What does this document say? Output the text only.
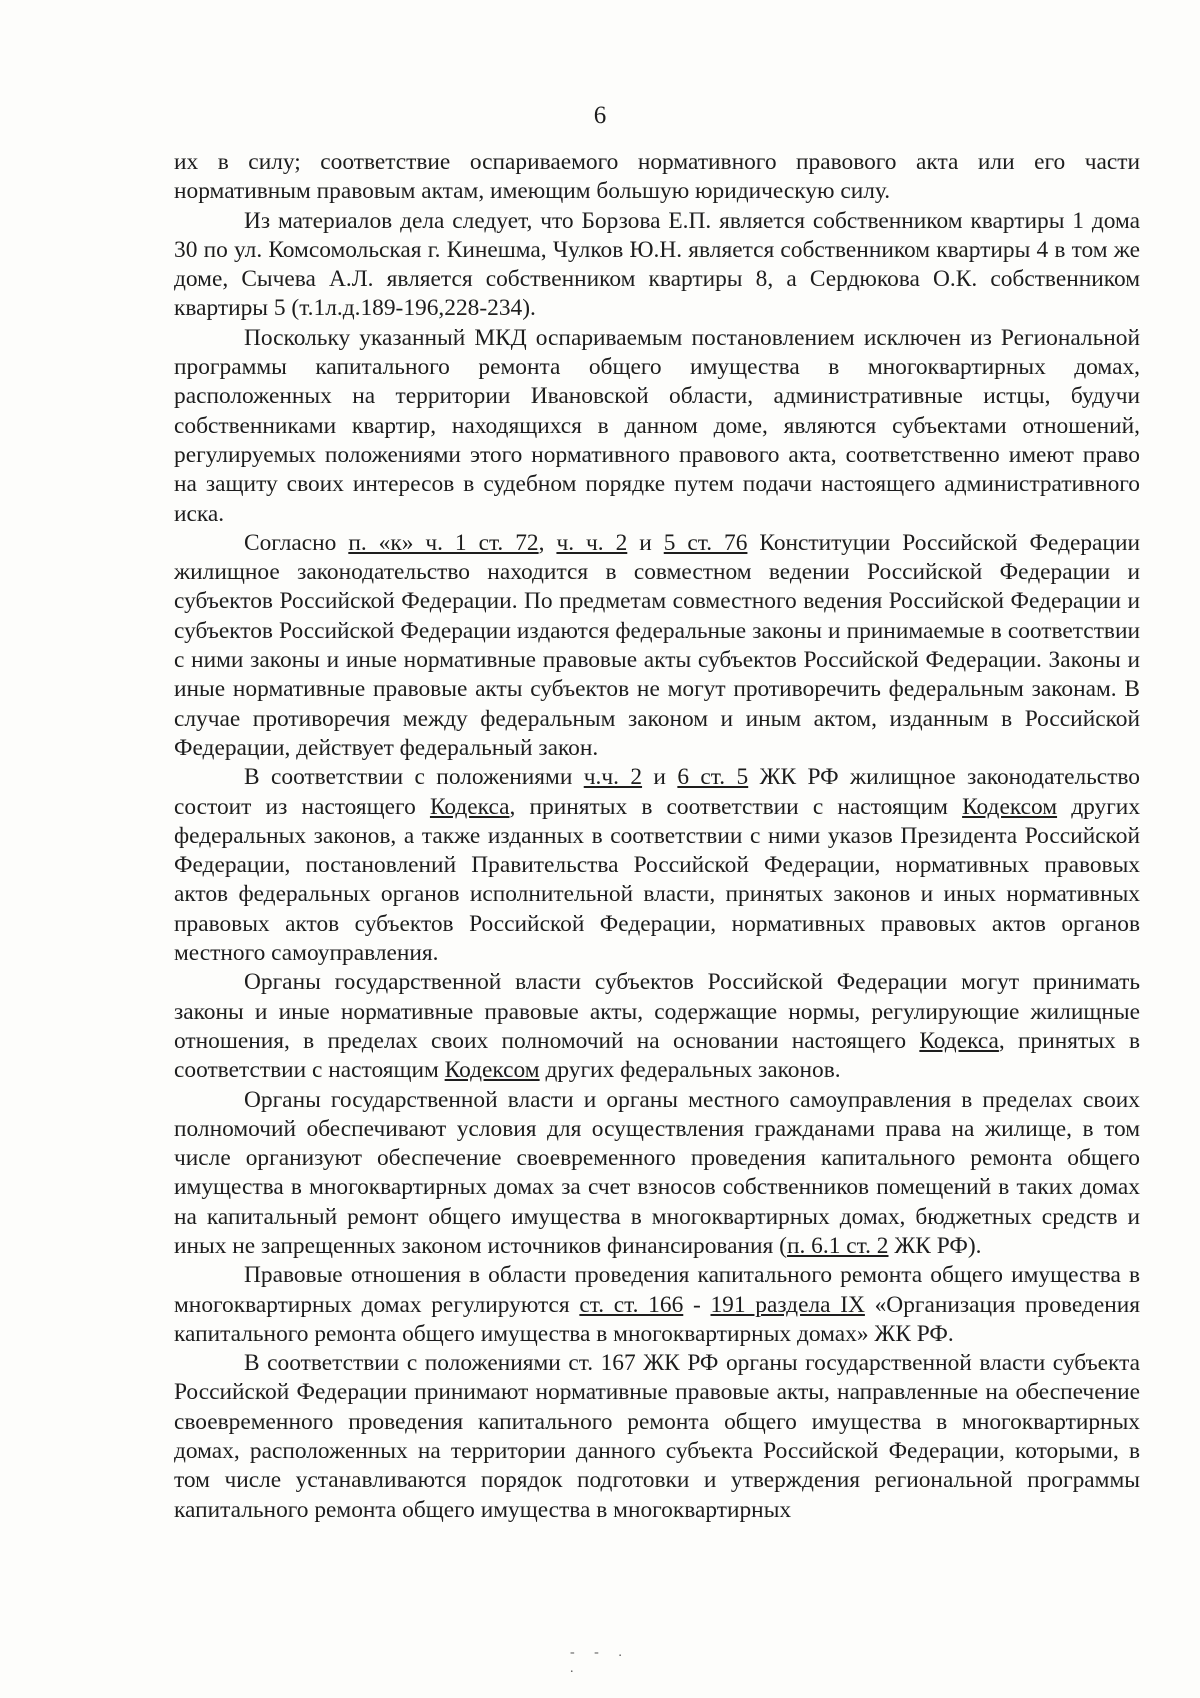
6

их в силу; соответствие оспариваемого нормативного правового акта или его части нормативным правовым актам, имеющим большую юридическую силу.

Из материалов дела следует, что Борзова Е.П. является собственником квартиры 1 дома 30 по ул. Комсомольская г. Кинешма, Чулков Ю.Н. является собственником квартиры 4 в том же доме, Сычева А.Л. является собственником квартиры 8, а Сердюкова О.К. собственником квартиры 5 (т.1л.д.189-196,228-234).

Поскольку указанный МКД оспариваемым постановлением исключен из Региональной программы капитального ремонта общего имущества в многоквартирных домах, расположенных на территории Ивановской области, административные истцы, будучи собственниками квартир, находящихся в данном доме, являются субъектами отношений, регулируемых положениями этого нормативного правового акта, соответственно имеют право на защиту своих интересов в судебном порядке путем подачи настоящего административного иска.

Согласно п. «к» ч. 1 ст. 72, ч. ч. 2 и 5 ст. 76 Конституции Российской Федерации жилищное законодательство находится в совместном ведении Российской Федерации и субъектов Российской Федерации. По предметам совместного ведения Российской Федерации и субъектов Российской Федерации издаются федеральные законы и принимаемые в соответствии с ними законы и иные нормативные правовые акты субъектов Российской Федерации. Законы и иные нормативные правовые акты субъектов не могут противоречить федеральным законам. В случае противоречия между федеральным законом и иным актом, изданным в Российской Федерации, действует федеральный закон.

В соответствии с положениями ч.ч. 2 и 6 ст. 5 ЖК РФ жилищное законодательство состоит из настоящего Кодекса, принятых в соответствии с настоящим Кодексом других федеральных законов, а также изданных в соответствии с ними указов Президента Российской Федерации, постановлений Правительства Российской Федерации, нормативных правовых актов федеральных органов исполнительной власти, принятых законов и иных нормативных правовых актов субъектов Российской Федерации, нормативных правовых актов органов местного самоуправления.

Органы государственной власти субъектов Российской Федерации могут принимать законы и иные нормативные правовые акты, содержащие нормы, регулирующие жилищные отношения, в пределах своих полномочий на основании настоящего Кодекса, принятых в соответствии с настоящим Кодексом других федеральных законов.

Органы государственной власти и органы местного самоуправления в пределах своих полномочий обеспечивают условия для осуществления гражданами права на жилище, в том числе организуют обеспечение своевременного проведения капитального ремонта общего имущества в многоквартирных домах за счет взносов собственников помещений в таких домах на капитальный ремонт общего имущества в многоквартирных домах, бюджетных средств и иных не запрещенных законом источников финансирования (п. 6.1 ст. 2 ЖК РФ).

Правовые отношения в области проведения капитального ремонта общего имущества в многоквартирных домах регулируются ст. ст. 166 - 191 раздела IX «Организация проведения капитального ремонта общего имущества в многоквартирных домах» ЖК РФ.

В соответствии с положениями ст. 167 ЖК РФ органы государственной власти субъекта Российской Федерации принимают нормативные правовые акты, направленные на обеспечение своевременного проведения капитального ремонта общего имущества в многоквартирных домах, расположенных на территории данного субъекта Российской Федерации, которыми, в том числе устанавливаются порядок подготовки и утверждения региональной программы капитального ремонта общего имущества в многоквартирных

- - . .
